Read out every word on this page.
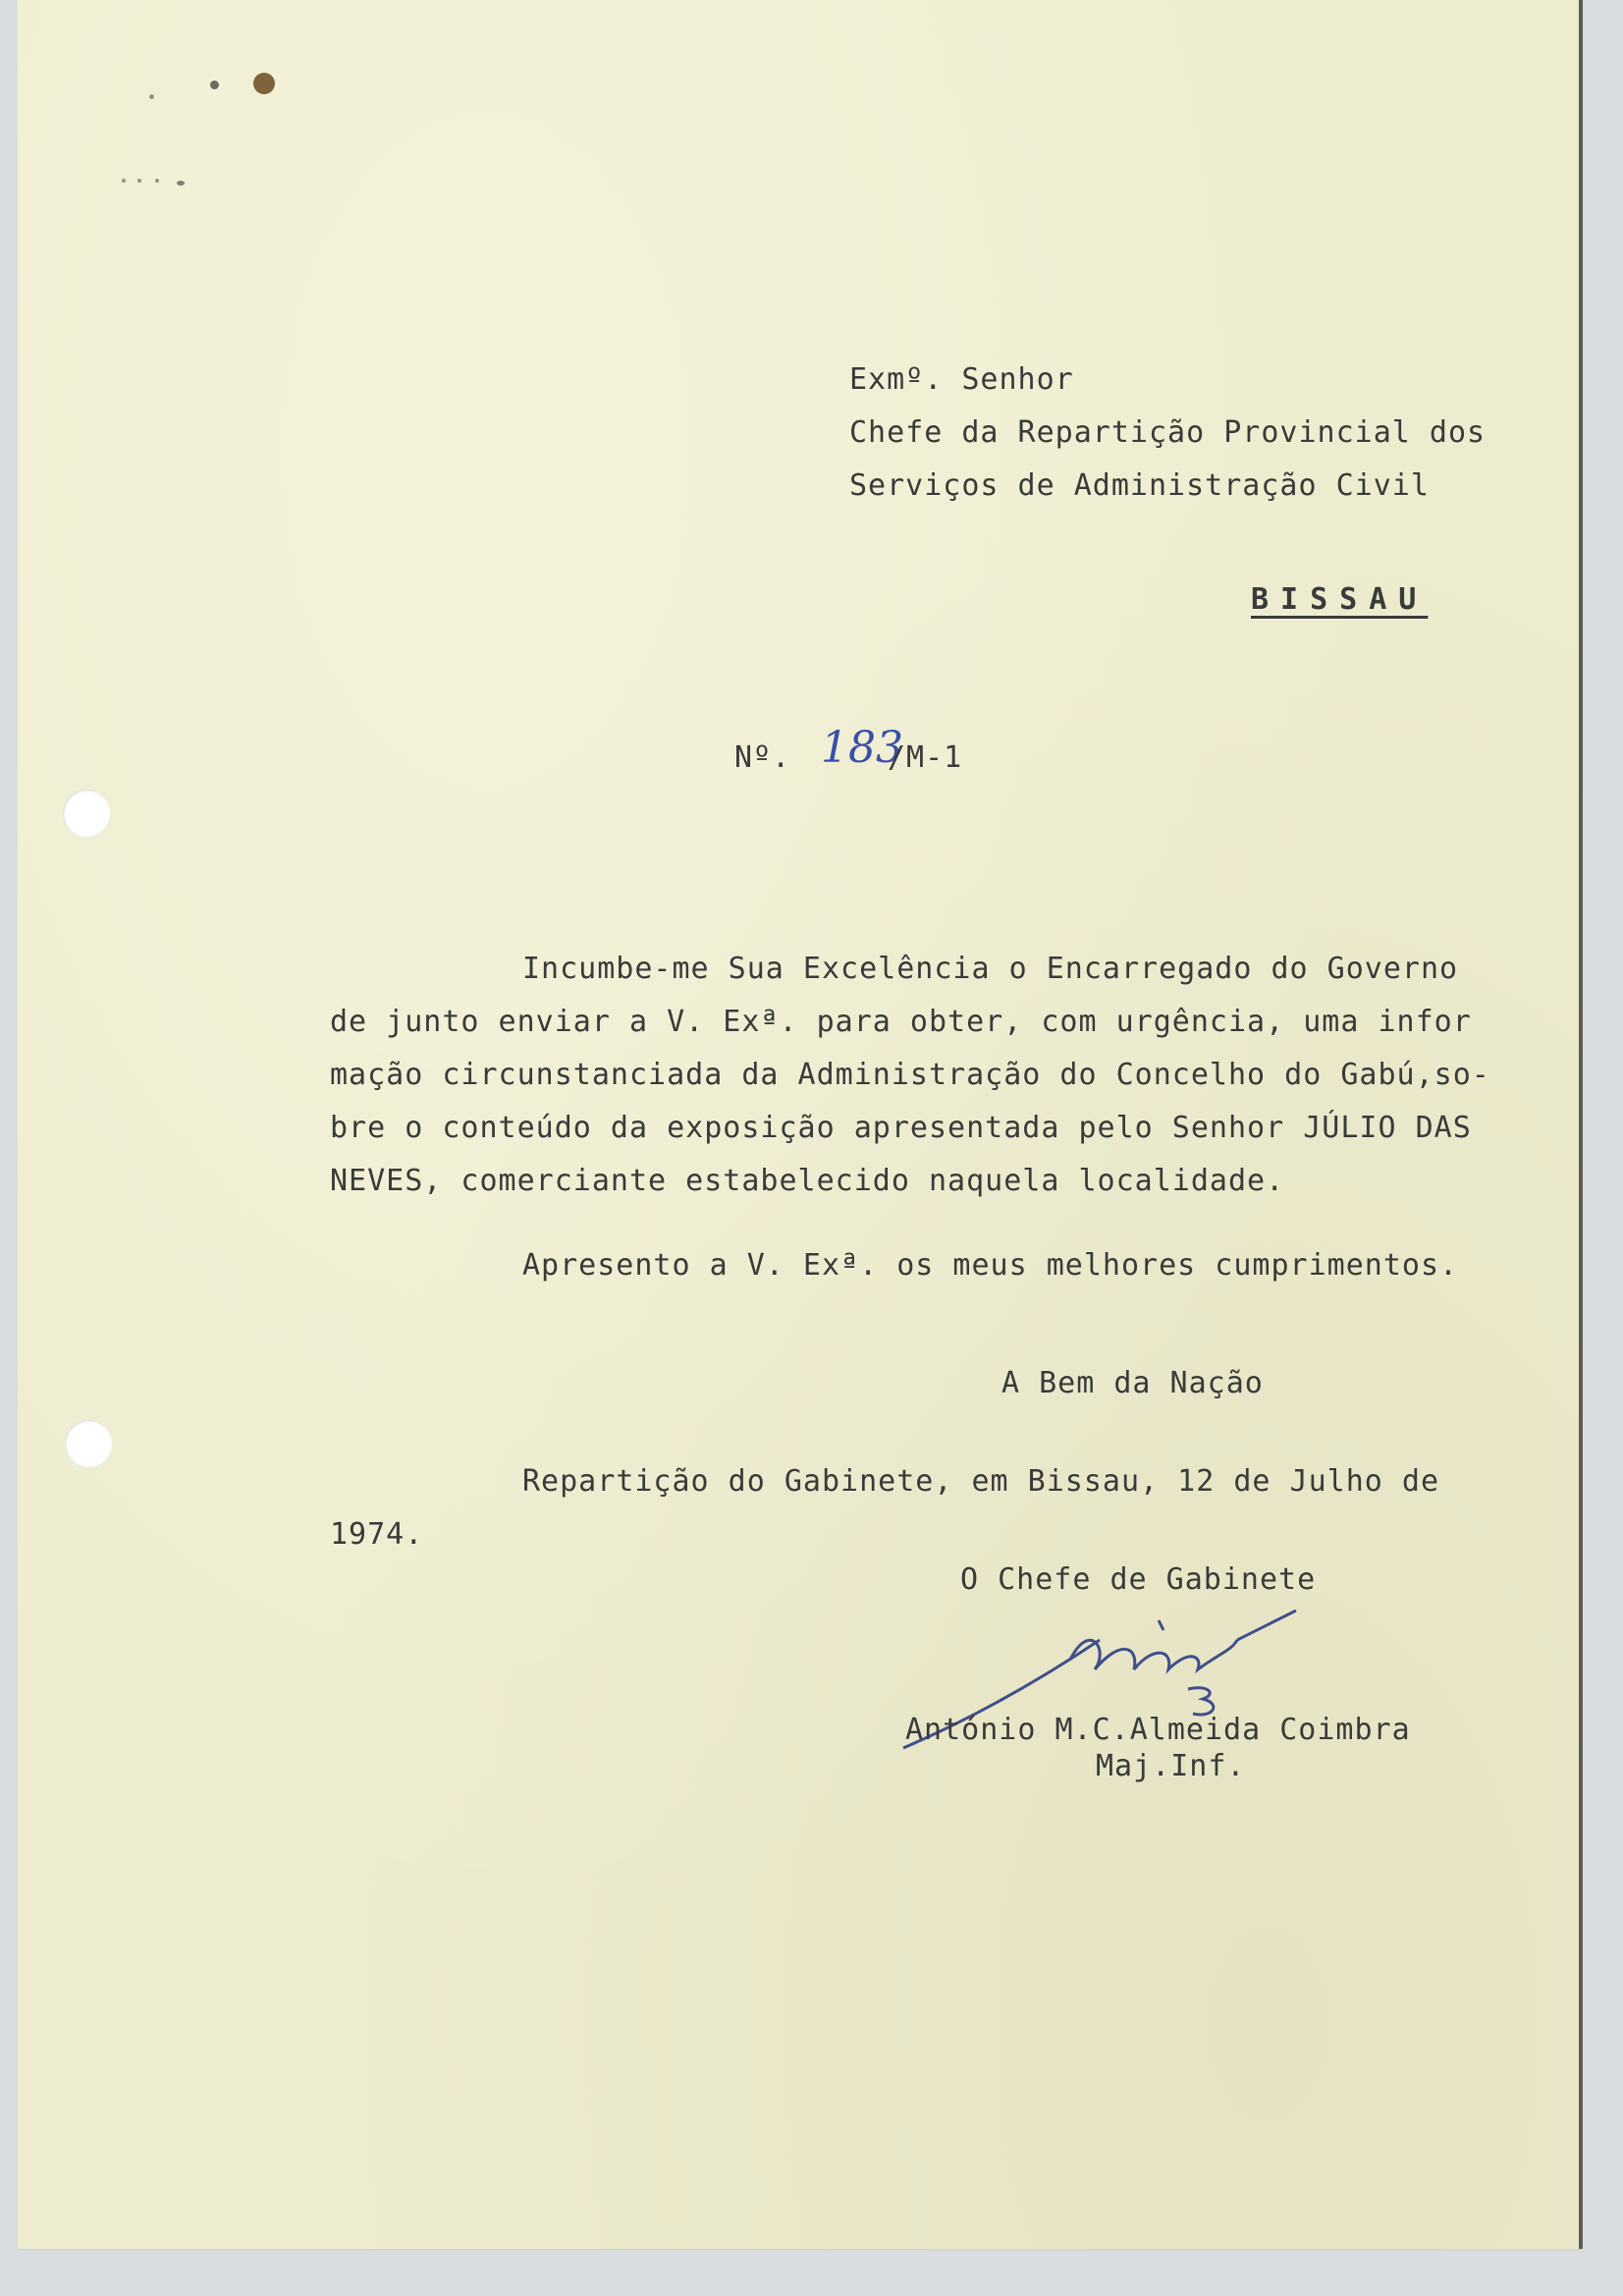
Exmº. Senhor
Chefe da Repartição Provincial dos
Serviços de Administração Civil
BISSAU
Nº. 183
/M-1
Incumbe-me Sua Excelência o Encarregado do Governo
de junto enviar a V. Exª. para obter, com urgência, uma infor
mação circunstanciada da Administração do Concelho do Gabú,so-
bre o conteúdo da exposição apresentada pelo Senhor JÚLIO DAS
NEVES, comerciante estabelecido naquela localidade.
Apresento a V. Exª. os meus melhores cumprimentos.
A Bem da Nação
Repartição do Gabinete, em Bissau, 12 de Julho de
1974.
O Chefe de Gabinete
António M.C.Almeida Coimbra
Maj.Inf.
